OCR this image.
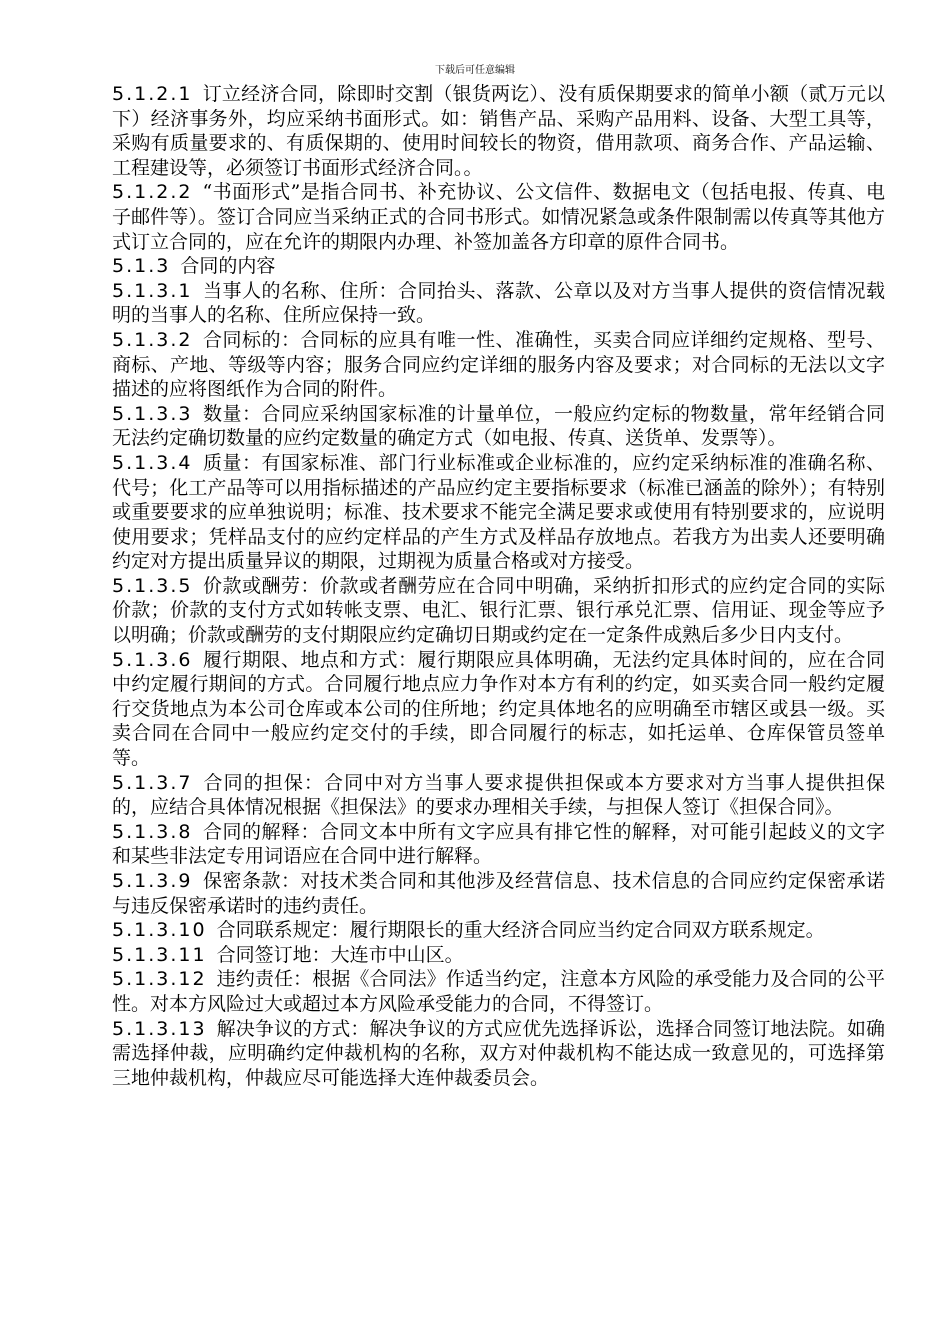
下载后可任意编辑

5.1.2.1 订立经济合同，除即时交割（银货两讫）、没有质保期要求的简单小额（贰万元以下）经济事务外，均应采纳书面形式。如：销售产品、采购产品用料、设备、大型工具等，采购有质量要求的、有质保期的、使用时间较长的物资，借用款项、商务合作、产品运输、工程建设等，必须签订书面形式经济合同。。

5.1.2.2 “书面形式”是指合同书、补充协议、公文信件、数据电文（包括电报、传真、电子邮件等）。签订合同应当采纳正式的合同书形式。如情况紧急或条件限制需以传真等其他方式订立合同的，应在允许的期限内办理、补签加盖各方印章的原件合同书。

5.1.3 合同的内容

5.1.3.1 当事人的名称、住所：合同抬头、落款、公章以及对方当事人提供的资信情况载明的当事人的名称、住所应保持一致。

5.1.3.2 合同标的：合同标的应具有唯一性、准确性，买卖合同应详细约定规格、型号、商标、产地、等级等内容；服务合同应约定详细的服务内容及要求；对合同标的无法以文字描述的应将图纸作为合同的附件。

5.1.3.3 数量：合同应采纳国家标准的计量单位，一般应约定标的物数量，常年经销合同无法约定确切数量的应约定数量的确定方式（如电报、传真、送货单、发票等）。

5.1.3.4 质量：有国家标准、部门行业标准或企业标准的，应约定采纳标准的准确名称、代号；化工产品等可以用指标描述的产品应约定主要指标要求（标准已涵盖的除外）；有特别或重要要求的应单独说明；标准、技术要求不能完全满足要求或使用有特别要求的，应说明使用要求；凭样品支付的应约定样品的产生方式及样品存放地点。若我方为出卖人还要明确约定对方提出质量异议的期限，过期视为质量合格或对方接受。

5.1.3.5 价款或酬劳：价款或者酬劳应在合同中明确，采纳折扣形式的应约定合同的实际价款；价款的支付方式如转帐支票、电汇、银行汇票、银行承兑汇票、信用证、现金等应予以明确；价款或酬劳的支付期限应约定确切日期或约定在一定条件成熟后多少日内支付。

5.1.3.6 履行期限、地点和方式：履行期限应具体明确，无法约定具体时间的，应在合同中约定履行期间的方式。合同履行地点应力争作对本方有利的约定，如买卖合同一般约定履行交货地点为本公司仓库或本公司的住所地；约定具体地名的应明确至市辖区或县一级。买卖合同在合同中一般应约定交付的手续，即合同履行的标志，如托运单、仓库保管员签单等。

5.1.3.7 合同的担保：合同中对方当事人要求提供担保或本方要求对方当事人提供担保的，应结合具体情况根据《担保法》的要求办理相关手续，与担保人签订《担保合同》。

5.1.3.8 合同的解释：合同文本中所有文字应具有排它性的解释，对可能引起歧义的文字和某些非法定专用词语应在合同中进行解释。

5.1.3.9 保密条款：对技术类合同和其他涉及经营信息、技术信息的合同应约定保密承诺与违反保密承诺时的违约责任。

5.1.3.10 合同联系规定：履行期限长的重大经济合同应当约定合同双方联系规定。

5.1.3.11 合同签订地：大连市中山区。

5.1.3.12 违约责任：根据《合同法》作适当约定，注意本方风险的承受能力及合同的公平性。对本方风险过大或超过本方风险承受能力的合同，不得签订。

5.1.3.13 解决争议的方式：解决争议的方式应优先选择诉讼，选择合同签订地法院。如确需选择仲裁，应明确约定仲裁机构的名称，双方对仲裁机构不能达成一致意见的，可选择第三地仲裁机构，仲裁应尽可能选择大连仲裁委员会。
